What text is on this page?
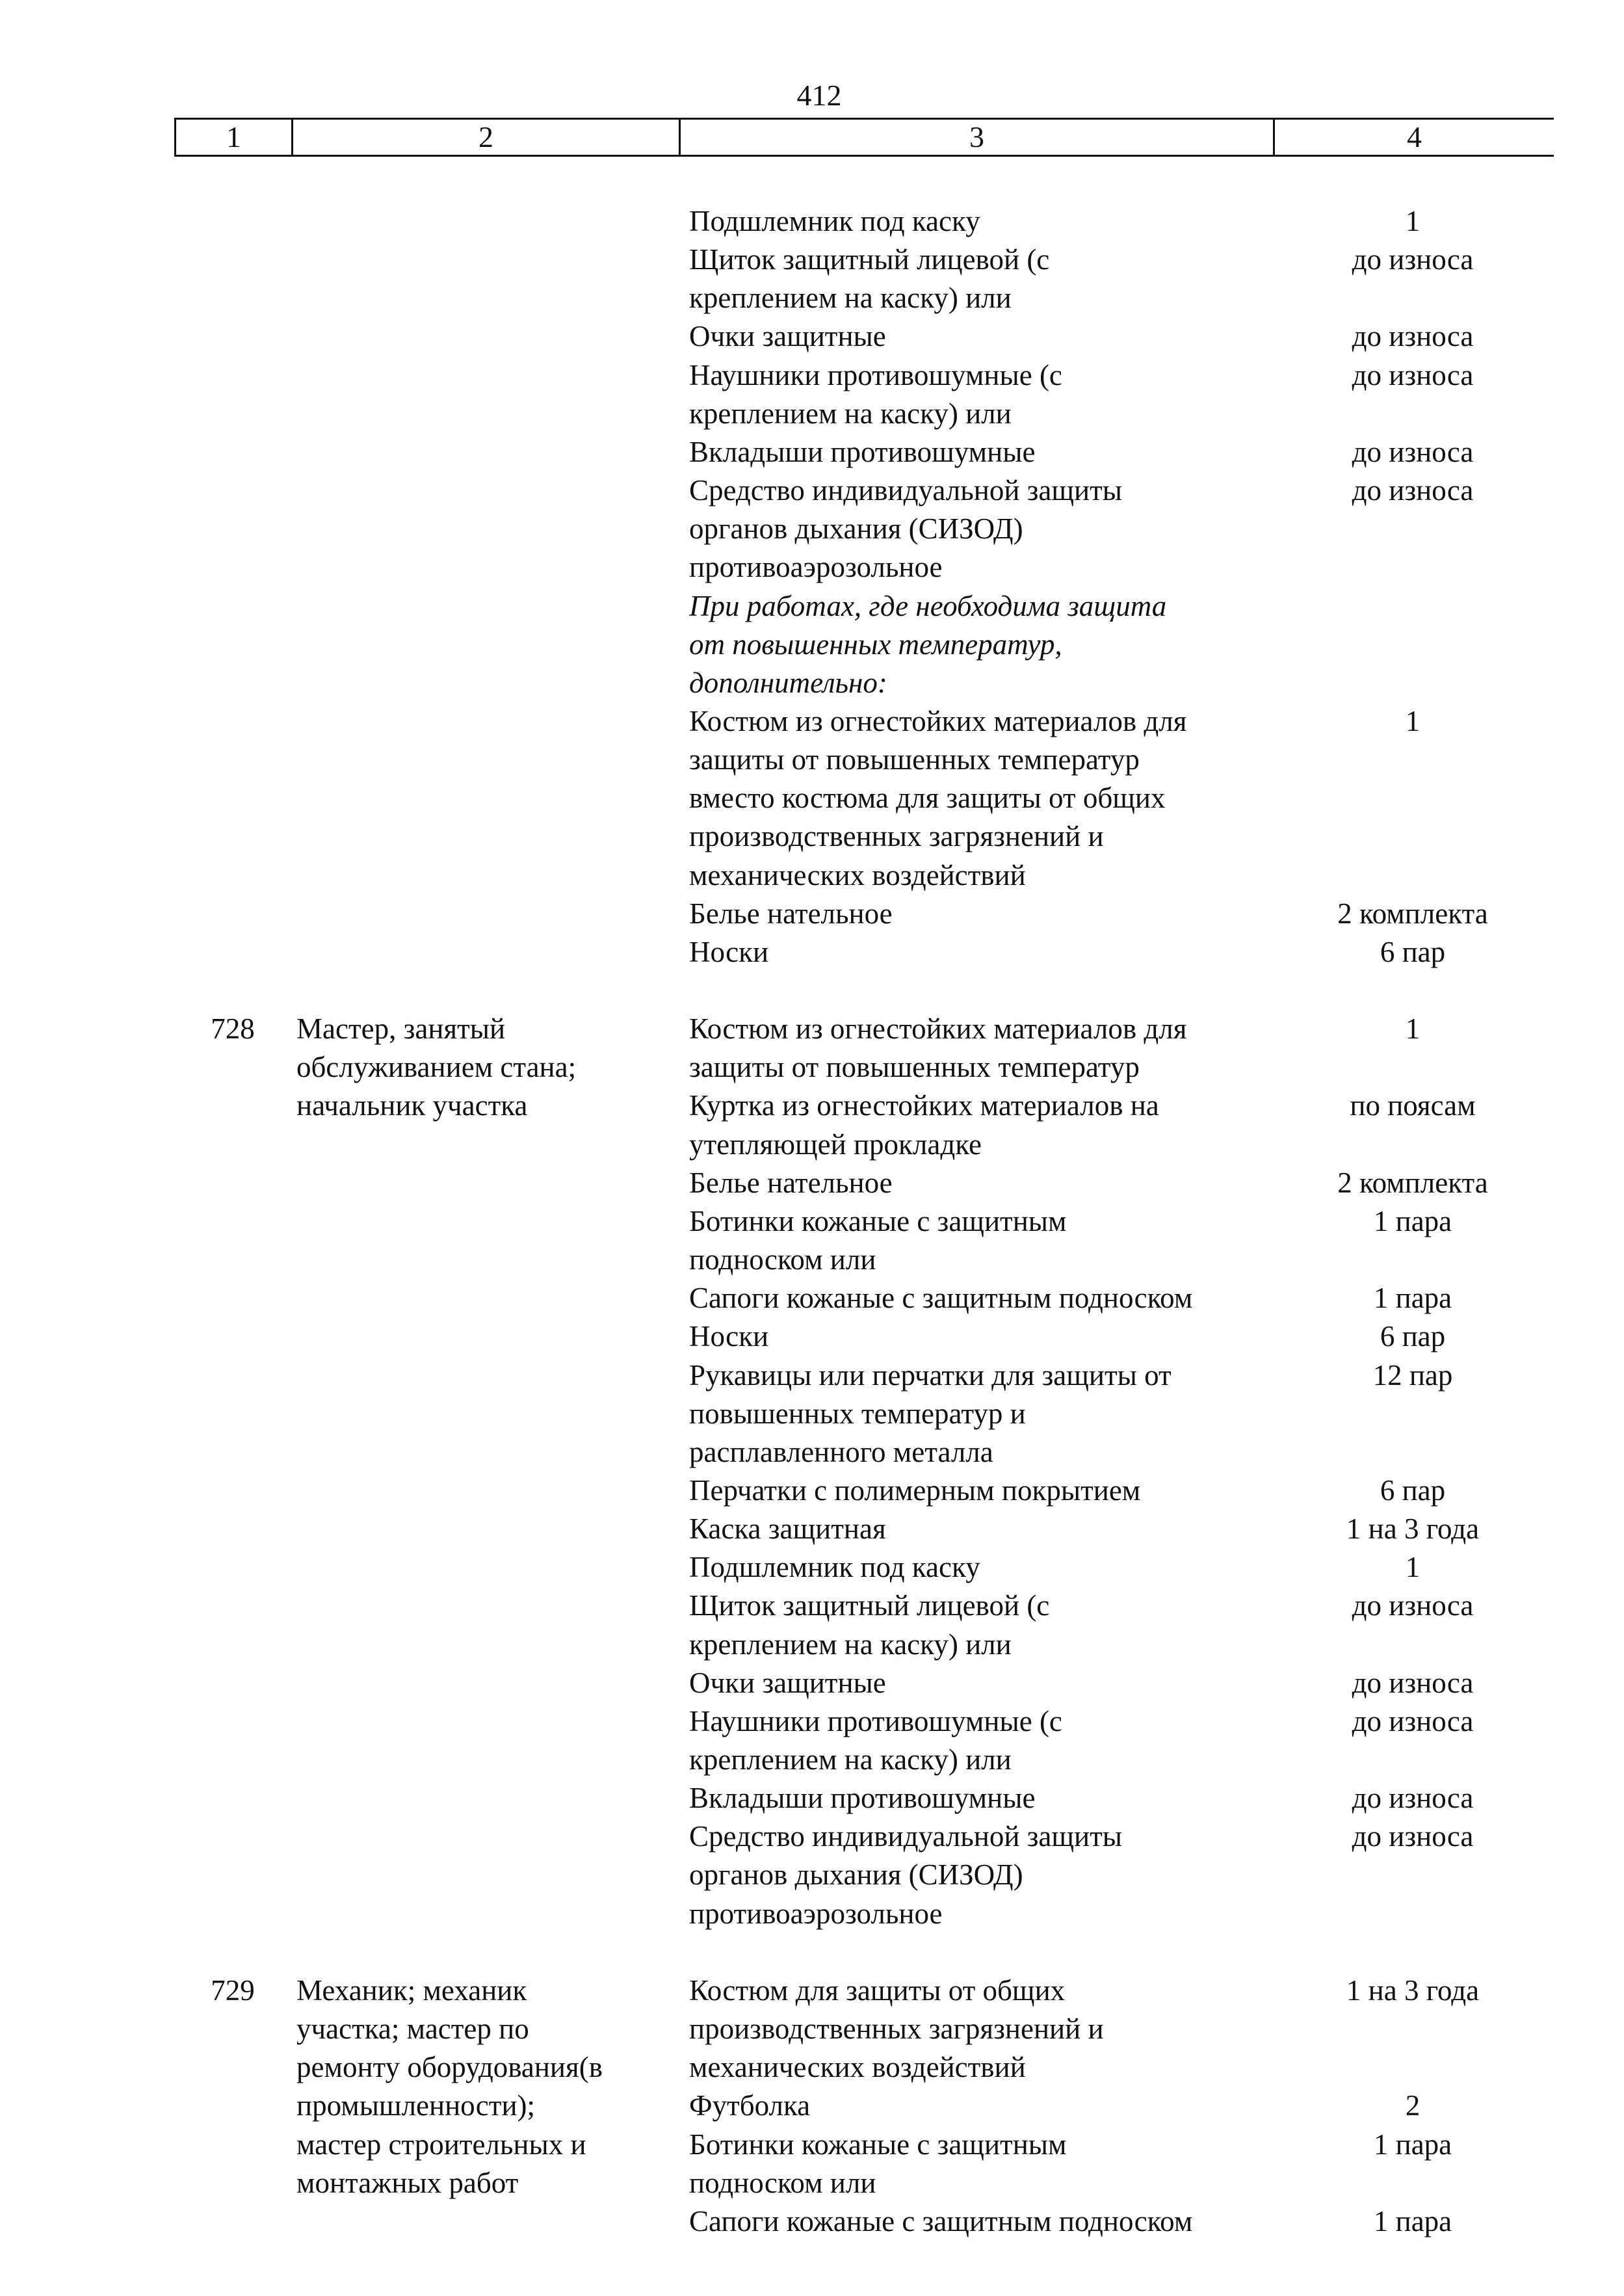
412
1	2	3	4
Подшлемник под каску	1
Щиток защитный лицевой (с	до износа
креплением на каску) или
Очки защитные	до износа
Наушники противошумные (с	до износа
креплением на каску) или
Вкладыши противошумные	до износа
Средство индивидуальной защиты	до износа
органов дыхания (СИЗОД)
противоаэрозольное
При работах, где необходима защита
от повышенных температур,
дополнительно:
Костюм из огнестойких материалов для	1
защиты от повышенных температур
вместо костюма для защиты от общих
производственных загрязнений и
механических воздействий
Белье нательное	2 комплекта
Носки	6 пар
728	Мастер, занятый	Костюм из огнестойких материалов для	1
обслуживанием стана;	защиты от повышенных температур
начальник участка	Куртка из огнестойких материалов на	по поясам
утепляющей прокладке
Белье нательное	2 комплекта
Ботинки кожаные с защитным	1 пара
подноском или
Сапоги кожаные с защитным подноском	1 пара
Носки	6 пар
Рукавицы или перчатки для защиты от	12 пар
повышенных температур и
расплавленного металла
Перчатки с полимерным покрытием	6 пар
Каска защитная	1 на 3 года
Подшлемник под каску	1
Щиток защитный лицевой (с	до износа
креплением на каску) или
Очки защитные	до износа
Наушники противошумные (с	до износа
креплением на каску) или
Вкладыши противошумные	до износа
Средство индивидуальной защиты	до износа
органов дыхания (СИЗОД)
противоаэрозольное
729	Механик; механик	Костюм для защиты от общих	1 на 3 года
участка; мастер по	производственных загрязнений и
ремонту оборудования(в	механических воздействий
промышленности);	Футболка	2
мастер строительных и	Ботинки кожаные с защитным	1 пара
монтажных работ	подноском или
Сапоги кожаные с защитным подноском	1 пара
